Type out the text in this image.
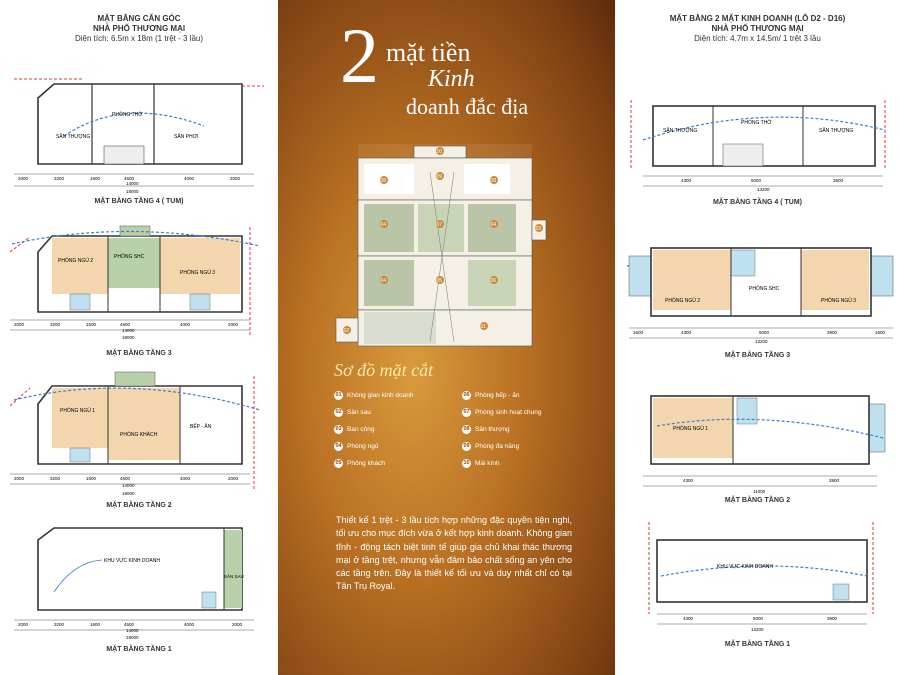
MẶT BẰNG CĂN GÓC
NHÀ PHỐ THƯƠNG MẠI
Diện tích: 6.5m x 18m (1 trệt - 3 lầu)
SÂN THƯỢNG
PHÒNG THỜ
SÂN PHƠI
2000	3200	1600	4500	4000	2000
14000
18000
MẶT BẰNG TẦNG 4 ( TUM)
PHÒNG NGỦ 2
PHÒNG SHC
PHÒNG NGỦ 3
2000	3200	1600	4500	4000	2000
14000
18000
MẶT BẰNG TẦNG 3
PHÒNG NGỦ 1
PHÒNG KHÁCH
BẾP - ĂN
2000	3200	1600	4500	4000	2000
14000
18000
MẶT BẰNG TẦNG 2
KHU VỰC KINH DOANH
SÂN SAU
2000	3200	1600	4500	4000	2000
14000
18000
MẶT BẰNG TẦNG 1
2 mặt tiền
Kinh
doanh đắc địa
10
08
09
08
04	07	04
03
04	05	06
02
01
Sơ đồ mặt cắt
01 Không gian kinh doanh
02 Sân sau
03 Ban công
04 Phòng ngủ
05 Phòng khách
06 Phòng bếp - ăn
07 Phòng sinh hoạt chung
08 Sân thượng
09 Phòng đa năng
10 Mái kính
Thiết kế 1 trệt - 3 lầu tích hợp những đặc quyền tiện nghi, tối ưu cho mục đích vừa ở kết hợp kinh doanh. Không gian tĩnh - động tách biệt tinh tế giúp gia chủ khai thác thương mại ở tầng trệt, nhưng vẫn đảm bảo chất sống an yên cho các tầng trên. Đây là thiết kế tối ưu và duy nhất chỉ có tại Tân Trụ Royal.
MẶT BẰNG 2 MẶT KINH DOANH (LÔ D2 - D16)
NHÀ PHỐ THƯƠNG MẠI
Diện tích: 4.7m x 14.5m/ 1 trệt 3 lầu
SÂN THƯỢNG
PHÒNG THỜ
SÂN THƯỢNG
4300	5000	3900
13200
MẶT BẰNG TẦNG 4 ( TUM)
PHÒNG NGỦ 2
PHÒNG SHC
PHÒNG NGỦ 3
1600	4300	5000	3900	1600
13200
MẶT BẰNG TẦNG 3
PHÒNG NGỦ 1
4300	3900
11000
MẶT BẰNG TẦNG 2
KHU VỰC KINH DOANH
4300	5000	3900
13200
MẶT BẰNG TẦNG 1
